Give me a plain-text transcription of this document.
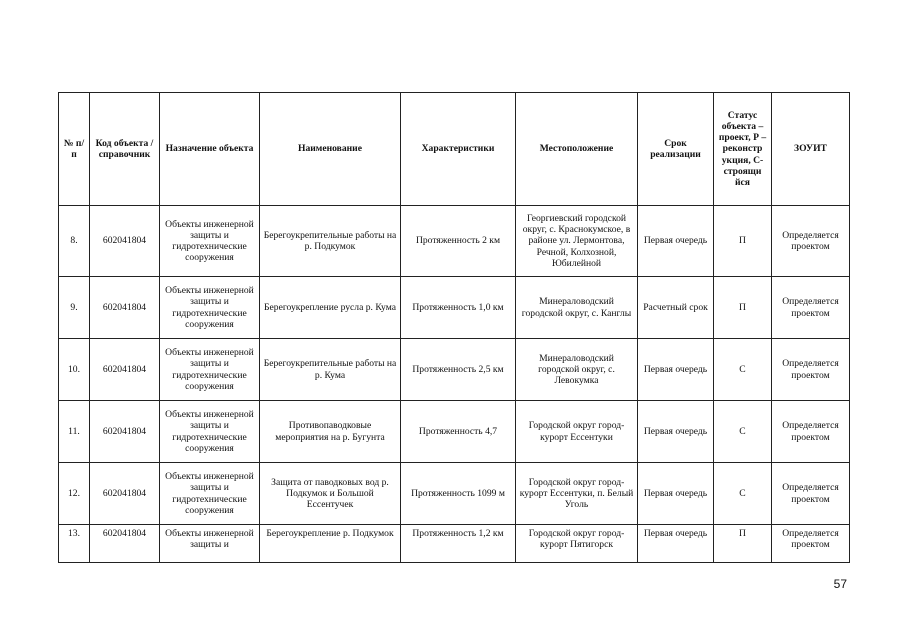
№ п/п	Код объекта / справочник	Назначение объекта	Наименование	Характеристики	Местоположение	Срок реализации	Статус объекта – проект, Р – реконстр укция, С- строящи йся	ЗОУИТ
8.	602041804	Объекты инженерной защиты и гидротехнические сооружения	Берегоукрепительные работы на р. Подкумок	Протяженность 2 км	Георгиевский городской округ, с. Краснокумское, в районе ул. Лермонтова, Речной, Колхозной, Юбилейной	Первая очередь	П	Определяется проектом
9.	602041804	Объекты инженерной защиты и гидротехнические сооружения	Берегоукрепление русла р. Кума	Протяженность 1,0 км	Минераловодский городской округ, с. Канглы	Расчетный срок	П	Определяется проектом
10.	602041804	Объекты инженерной защиты и гидротехнические сооружения	Берегоукрепительные работы на р. Кума	Протяженность 2,5 км	Минераловодский городской округ, с. Левокумка	Первая очередь	С	Определяется проектом
11.	602041804	Объекты инженерной защиты и гидротехнические сооружения	Противопаводковые мероприятия на р. Бугунта	Протяженность 4,7	Городской округ город-курорт Ессентуки	Первая очередь	С	Определяется проектом
12.	602041804	Объекты инженерной защиты и гидротехнические сооружения	Защита от паводковых вод р. Подкумок и Большой Ессентучек	Протяженность 1099 м	Городской округ город-курорт Ессентуки, п. Белый Уголь	Первая очередь	С	Определяется проектом
13.	602041804	Объекты инженерной защиты и	Берегоукрепление р. Подкумок	Протяженность 1,2 км	Городской округ город-курорт Пятигорск	Первая очередь	П	Определяется проектом
57
